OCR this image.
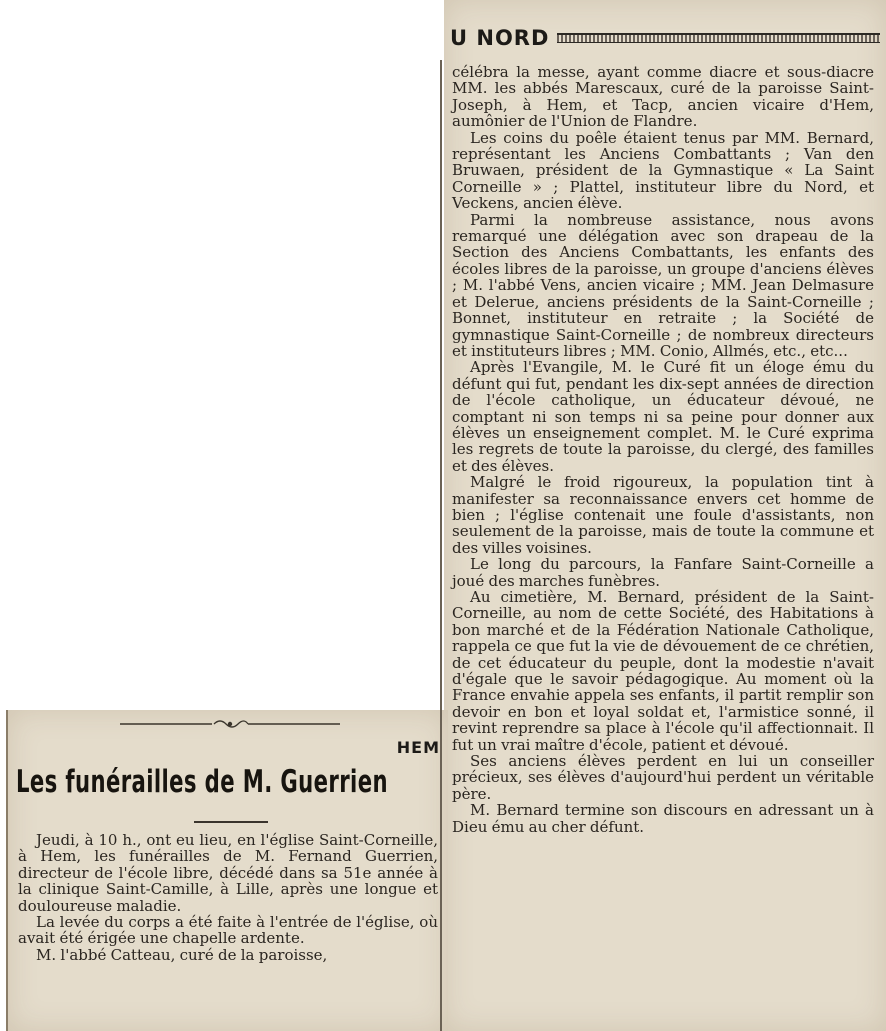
U NORD

célébra la messe, ayant comme diacre et sous-diacre MM. les abbés Marescaux, curé de la paroisse Saint-Joseph, à Hem, et Tacp, ancien vicaire d'Hem, aumônier de l'Union de Flandre.

Les coins du poêle étaient tenus par MM. Bernard, représentant les Anciens Combattants ; Van den Bruwaen, président de la Gymnastique « La Saint Corneille » ; Plattel, instituteur libre du Nord, et Veckens, ancien élève.

Parmi la nombreuse assistance, nous avons remarqué une délégation avec son drapeau de la Section des Anciens Combattants, les enfants des écoles libres de la paroisse, un groupe d'anciens élèves ; M. l'abbé Vens, ancien vicaire ; MM. Jean Delmasure et Delerue, anciens présidents de la Saint-Corneille ; Bonnet, instituteur en retraite ; la Société de gymnastique Saint-Corneille ; de nombreux directeurs et instituteurs libres ; MM. Conio, Allmés, etc., etc...

Après l'Evangile, M. le Curé fit un éloge ému du défunt qui fut, pendant les dix-sept années de direction de l'école catholique, un éducateur dévoué, ne comptant ni son temps ni sa peine pour donner aux élèves un enseignement complet. M. le Curé exprima les regrets de toute la paroisse, du clergé, des familles et des élèves.

Malgré le froid rigoureux, la population tint à manifester sa reconnaissance envers cet homme de bien ; l'église contenait une foule d'assistants, non seulement de la paroisse, mais de toute la commune et des villes voisines.

Le long du parcours, la Fanfare Saint-Corneille a joué des marches funèbres.

Au cimetière, M. Bernard, président de la Saint-Corneille, au nom de cette Société, des Habitations à bon marché et de la Fédération Nationale Catholique, rappela ce que fut la vie de dévouement de ce chrétien, de cet éducateur du peuple, dont la modestie n'avait d'égale que le savoir pédagogique. Au moment où la France envahie appela ses enfants, il partit remplir son devoir en bon et loyal soldat et, l'armistice sonné, il revint reprendre sa place à l'école qu'il affectionnait. Il fut un vrai maître d'école, patient et dévoué.

Ses anciens élèves perdent en lui un conseiller précieux, ses élèves d'aujourd'hui perdent un véritable père.

M. Bernard termine son discours en adressant un à Dieu ému au cher défunt.

HEM
Les funérailles de M. Guerrien

Jeudi, à 10 h., ont eu lieu, en l'église Saint-Corneille, à Hem, les funérailles de M. Fernand Guerrien, directeur de l'école libre, décédé dans sa 51e année à la clinique Saint-Camille, à Lille, après une longue et douloureuse maladie.

La levée du corps a été faite à l'entrée de l'église, où avait été érigée une chapelle ardente.

M. l'abbé Catteau, curé de la paroisse,
